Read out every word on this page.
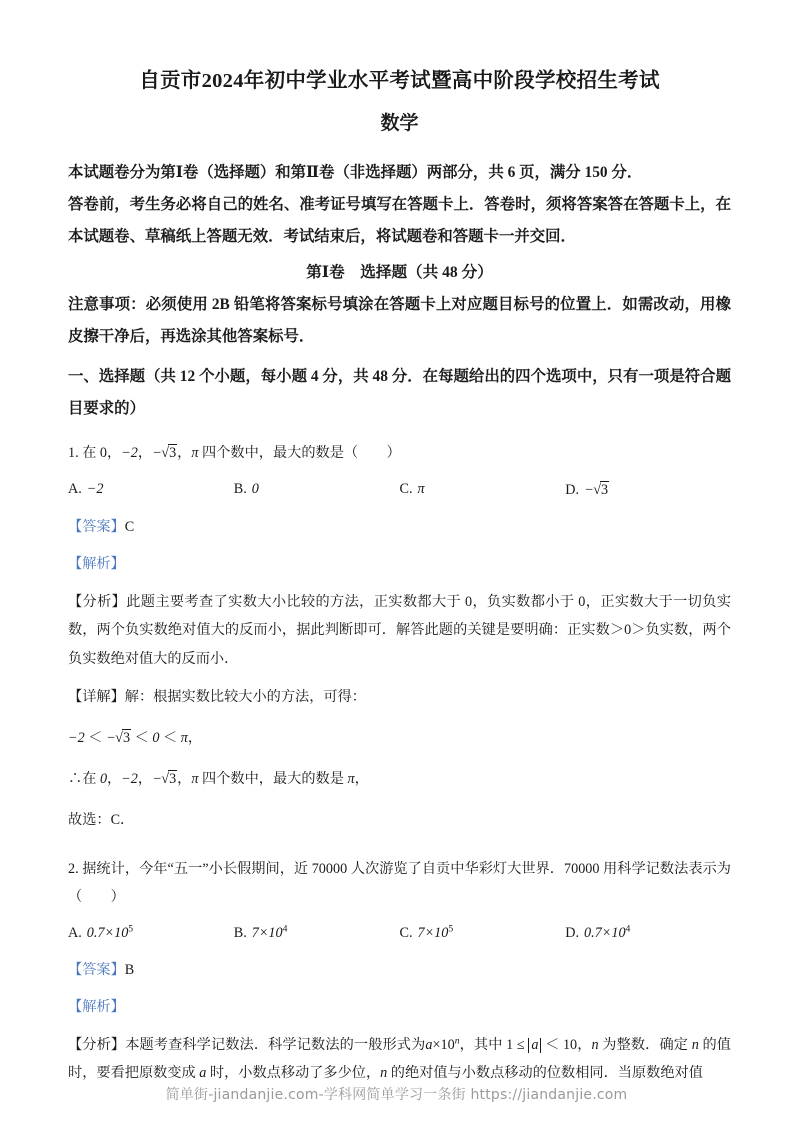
自贡市2024年初中学业水平考试暨高中阶段学校招生考试
数学
本试题卷分为第Ⅰ卷（选择题）和第Ⅱ卷（非选择题）两部分，共 6 页，满分 150 分．
答卷前，考生务必将自己的姓名、准考证号填写在答题卡上．答卷时，须将答案答在答题卡上，在本试题卷、草稿纸上答题无效．考试结束后，将试题卷和答题卡一并交回．
第Ⅰ卷　选择题（共 48 分）
注意事项：必须使用 2B 铅笔将答案标号填涂在答题卡上对应题目标号的位置上．如需改动，用橡皮擦干净后，再选涂其他答案标号．
一、选择题（共 12 个小题，每小题 4 分，共 48 分．在每题给出的四个选项中，只有一项是符合题目要求的）
1. 在 0，−2，−√3，π 四个数中，最大的数是（　　）
A. −2	B. 0	C. π	D. −√3
【答案】C
【解析】
【分析】此题主要考查了实数大小比较的方法，正实数都大于 0，负实数都小于 0，正实数大于一切负实数，两个负实数绝对值大的反而小，据此判断即可．解答此题的关键是要明确：正实数＞0＞负实数，两个负实数绝对值大的反而小．
【详解】解：根据实数比较大小的方法，可得：
−2 ＜ −√3 ＜ 0 ＜ π，
∴在 0，−2，−√3，π 四个数中，最大的数是 π，
故选：C．
2. 据统计，今年“五一”小长假期间，近 70000 人次游览了自贡中华彩灯大世界．70000 用科学记数法表示为（　　）
A. $0.7\times 10^5$	B. $7\times 10^4$	C. $7\times 10^5$	D. $0.7\times 10^4$
【答案】B
【解析】
【分析】本题考查科学记数法．科学记数法的一般形式为$a\times 10^n$，其中 1 ≤ a ＜ 10，n 为整数．确定 n 的值时，要看把原数变成 a 时，小数点移动了多少位，n 的绝对值与小数点移动的位数相同．当原数绝对值
简单街-jiandanjie.com-学科网简单学习一条街 https://jiandanjie.com
